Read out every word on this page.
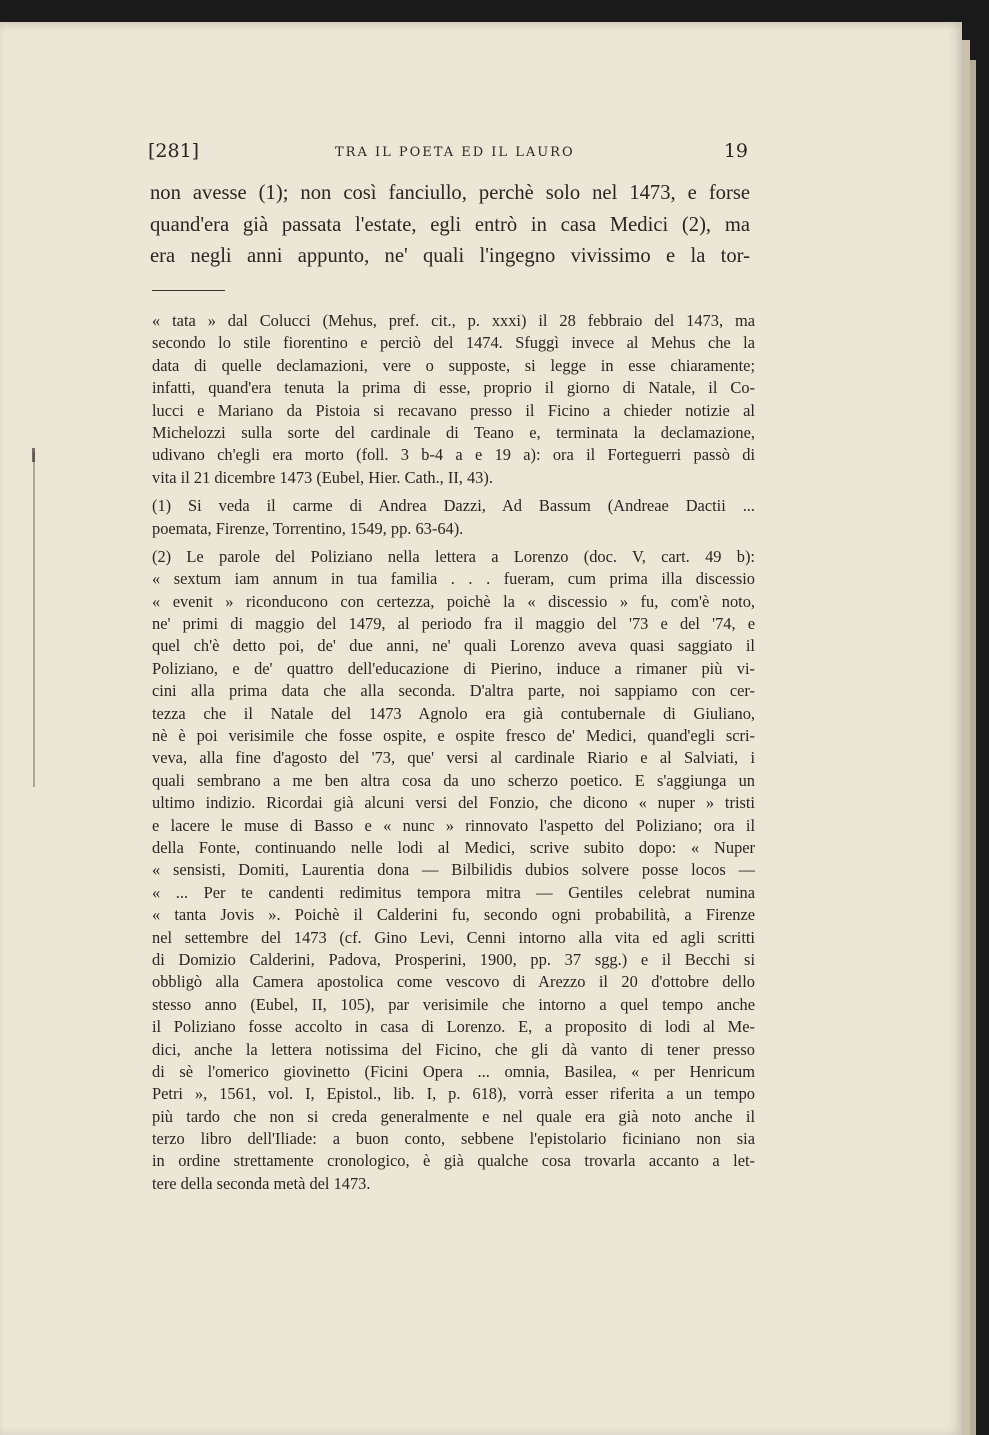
[281]	TRA IL POETA ED IL LAURO	19
non avesse (1); non così fanciullo, perchè solo nel 1473, e forse
quand'era già passata l'estate, egli entrò in casa Medici (2), ma
era negli anni appunto, ne' quali l'ingegno vivissimo e la tor-
« tata » dal Colucci (Mehus, pref. cit., p. xxxi) il 28 febbraio del 1473, ma
secondo lo stile fiorentino e perciò del 1474. Sfuggì invece al Mehus che la
data di quelle declamazioni, vere o supposte, si legge in esse chiaramente;
infatti, quand'era tenuta la prima di esse, proprio il giorno di Natale, il Co-
lucci e Mariano da Pistoia si recavano presso il Ficino a chieder notizie al
Michelozzi sulla sorte del cardinale di Teano e, terminata la declamazione,
udivano ch'egli era morto (foll. 3 b-4 a e 19 a): ora il Forteguerri passò di
vita il 21 dicembre 1473 (Eubel, Hier. Cath., II, 43).
(1) Si veda il carme di Andrea Dazzi, Ad Bassum (Andreae Dactii ...
poemata, Firenze, Torrentino, 1549, pp. 63-64).
(2) Le parole del Poliziano nella lettera a Lorenzo (doc. V, cart. 49 b):
« sextum iam annum in tua familia . . . fueram, cum prima illa discessio
« evenit » riconducono con certezza, poichè la « discessio » fu, com'è noto,
ne' primi di maggio del 1479, al periodo fra il maggio del '73 e del '74, e
quel ch'è detto poi, de' due anni, ne' quali Lorenzo aveva quasi saggiato il
Poliziano, e de' quattro dell'educazione di Pierino, induce a rimaner più vi-
cini alla prima data che alla seconda. D'altra parte, noi sappiamo con cer-
tezza che il Natale del 1473 Agnolo era già contubernale di Giuliano,
nè è poi verisimile che fosse ospite, e ospite fresco de' Medici, quand'egli scri-
veva, alla fine d'agosto del '73, que' versi al cardinale Riario e al Salviati, i
quali sembrano a me ben altra cosa da uno scherzo poetico. E s'aggiunga un
ultimo indizio. Ricordai già alcuni versi del Fonzio, che dicono « nuper » tristi
e lacere le muse di Basso e « nunc » rinnovato l'aspetto del Poliziano; ora il
della Fonte, continuando nelle lodi al Medici, scrive subito dopo: « Nuper
« sensisti, Domiti, Laurentia dona — Bilbilidis dubios solvere posse locos —
« ... Per te candenti redimitus tempora mitra — Gentiles celebrat numina
« tanta Jovis ». Poichè il Calderini fu, secondo ogni probabilità, a Firenze
nel settembre del 1473 (cf. Gino Levi, Cenni intorno alla vita ed agli scritti
di Domizio Calderini, Padova, Prosperini, 1900, pp. 37 sgg.) e il Becchi si
obbligò alla Camera apostolica come vescovo di Arezzo il 20 d'ottobre dello
stesso anno (Eubel, II, 105), par verisimile che intorno a quel tempo anche
il Poliziano fosse accolto in casa di Lorenzo. E, a proposito di lodi al Me-
dici, anche la lettera notissima del Ficino, che gli dà vanto di tener presso
di sè l'omerico giovinetto (Ficini Opera ... omnia, Basilea, « per Henricum
Petri », 1561, vol. I, Epistol., lib. I, p. 618), vorrà esser riferita a un tempo
più tardo che non si creda generalmente e nel quale era già noto anche il
terzo libro dell'Iliade: a buon conto, sebbene l'epistolario ficiniano non sia
in ordine strettamente cronologico, è già qualche cosa trovarla accanto a let-
tere della seconda metà del 1473.
